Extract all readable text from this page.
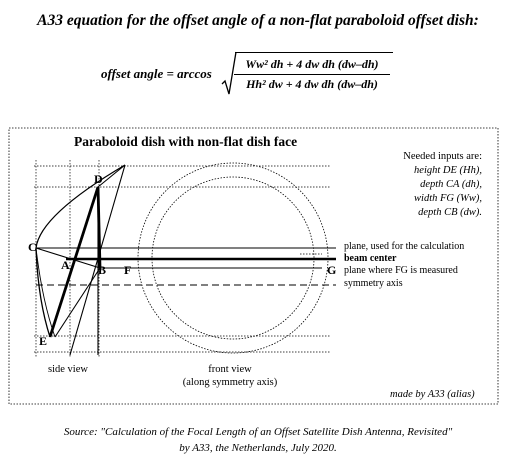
A33 equation for the offset angle of a non-flat paraboloid offset dish:
offset angle = arccos
Ww² dh + 4 dw dh (dw–dh)
Hh² dw + 4 dw dh (dw–dh)
Paraboloid dish with non-flat dish face
Needed inputs are:
height DE (Hh),
depth CA (dh),
width FG (Ww),
depth CB (dw).
plane, used for the calculation
beam center
plane where FG is measured
symmetry axis
D
C
A B F	G
E
side view	front view
(along symmetry axis)
made by A33 (alias)
Source: "Calculation of the Focal Length of an Offset Satellite Dish Antenna, Revisited"
by A33, the Netherlands, July 2020.
